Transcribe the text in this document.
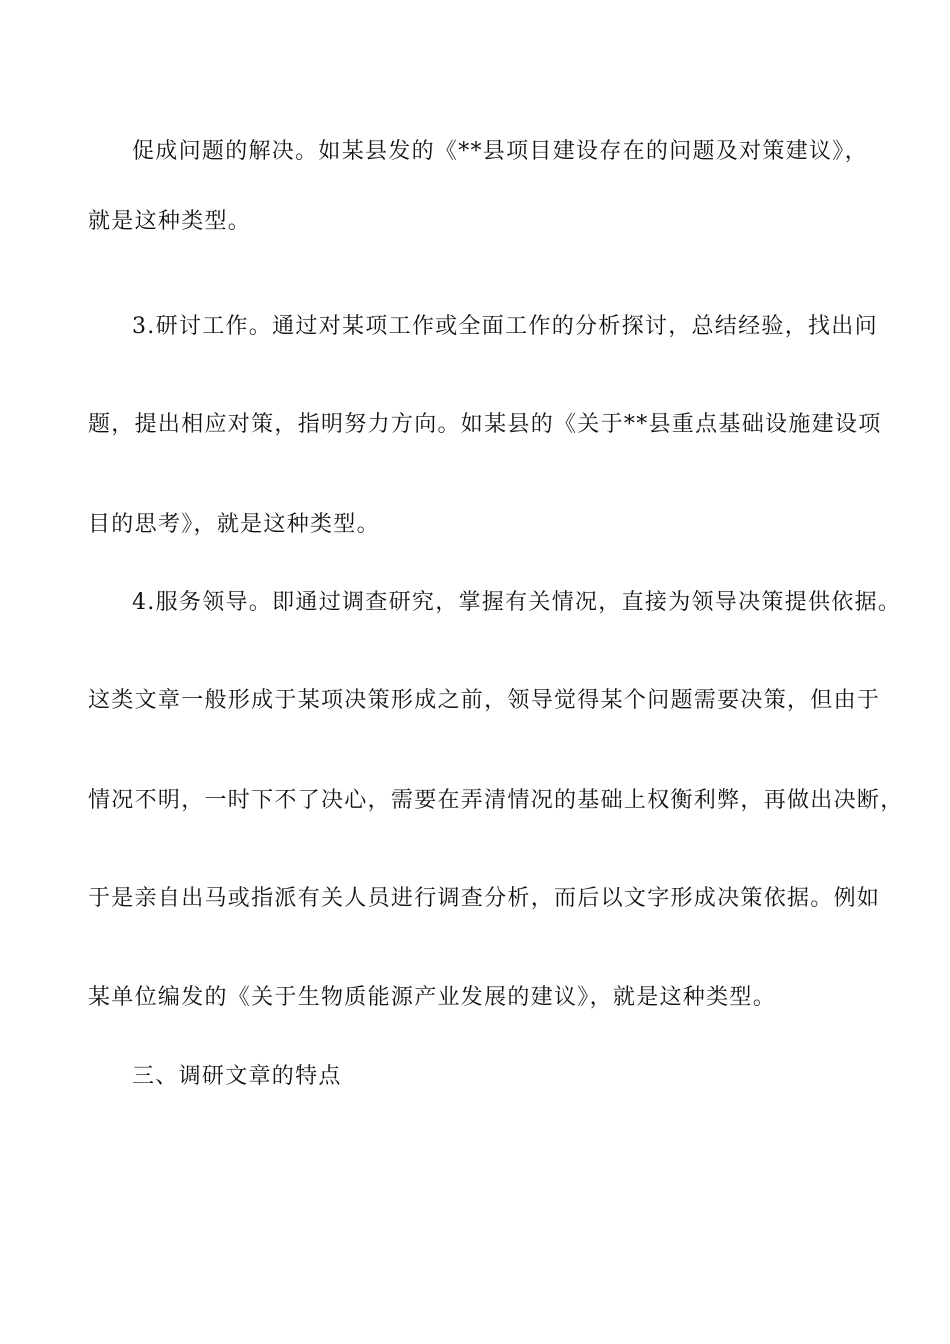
促成问题的解决。如某县发的《**县项目建设存在的问题及对策建议》，

就是这种类型。

3.研讨工作。通过对某项工作或全面工作的分析探讨，总结经验，找出问

题，提出相应对策，指明努力方向。如某县的《关于**县重点基础设施建设项

目的思考》，就是这种类型。

4.服务领导。即通过调查研究，掌握有关情况，直接为领导决策提供依据。

这类文章一般形成于某项决策形成之前，领导觉得某个问题需要决策，但由于

情况不明，一时下不了决心，需要在弄清情况的基础上权衡利弊，再做出决断，

于是亲自出马或指派有关人员进行调查分析，而后以文字形成决策依据。例如

某单位编发的《关于生物质能源产业发展的建议》，就是这种类型。

三、调研文章的特点
